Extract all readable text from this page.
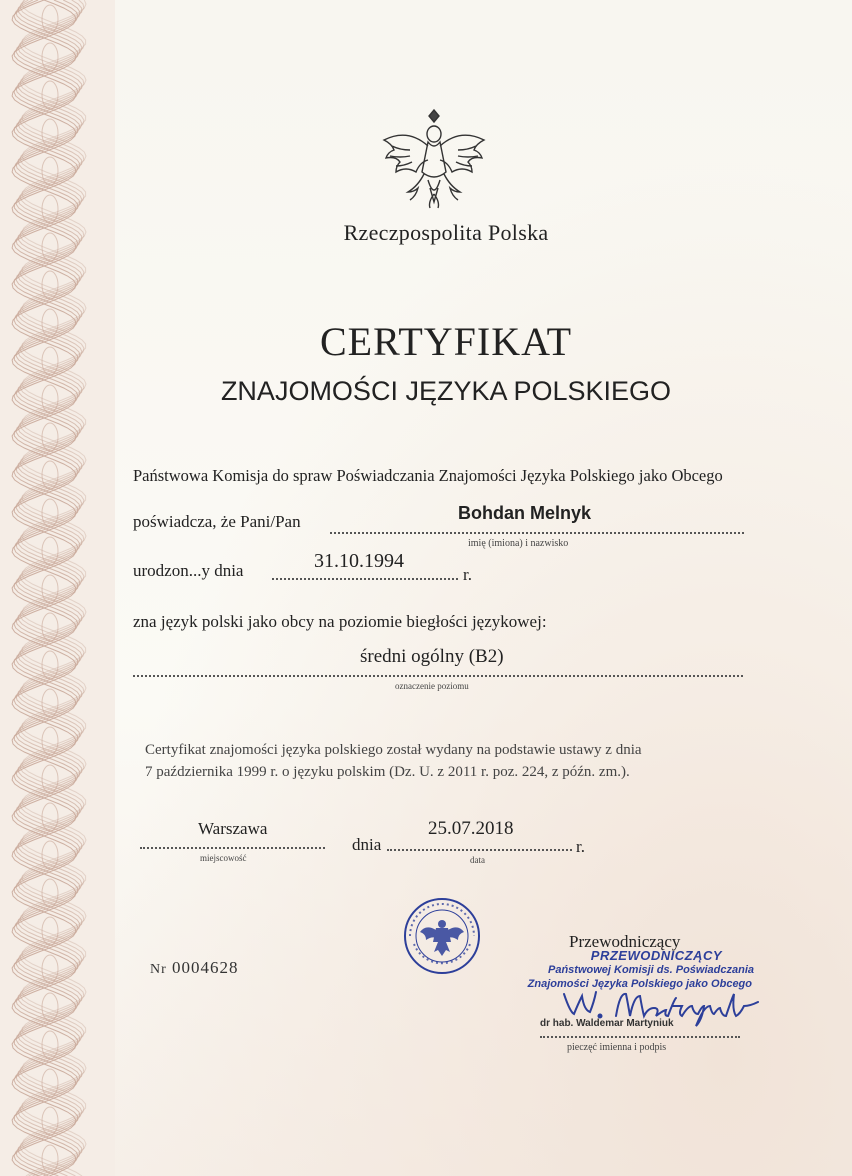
Rzeczpospolita Polska
CERTYFIKAT
ZNAJOMOŚCI JĘZYKA POLSKIEGO
Państwowa Komisja do spraw Poświadczania Znajomości Języka Polskiego jako Obcego
poświadcza, że Pani/Pan	Bohdan Melnyk
imię (imiona) i nazwisko
urodzon...y dnia	31.10.1994
r.
zna język polski jako obcy na poziomie biegłości językowej:
średni ogólny (B2)
oznaczenie poziomu
Certyfikat znajomości języka polskiego został wydany na podstawie ustawy z dnia
7 października 1999 r. o języku polskim (Dz. U. z 2011 r. poz. 224, z późn. zm.).
Warszawa
miejscowość
dnia
25.07.2018
r.
data
Nr 0004628
Przewodniczący
PRZEWODNICZĄCY
Państwowej Komisji ds. Poświadczania
Znajomości Języka Polskiego jako Obcego
dr hab. Waldemar Martyniuk
pieczęć imienna i podpis
